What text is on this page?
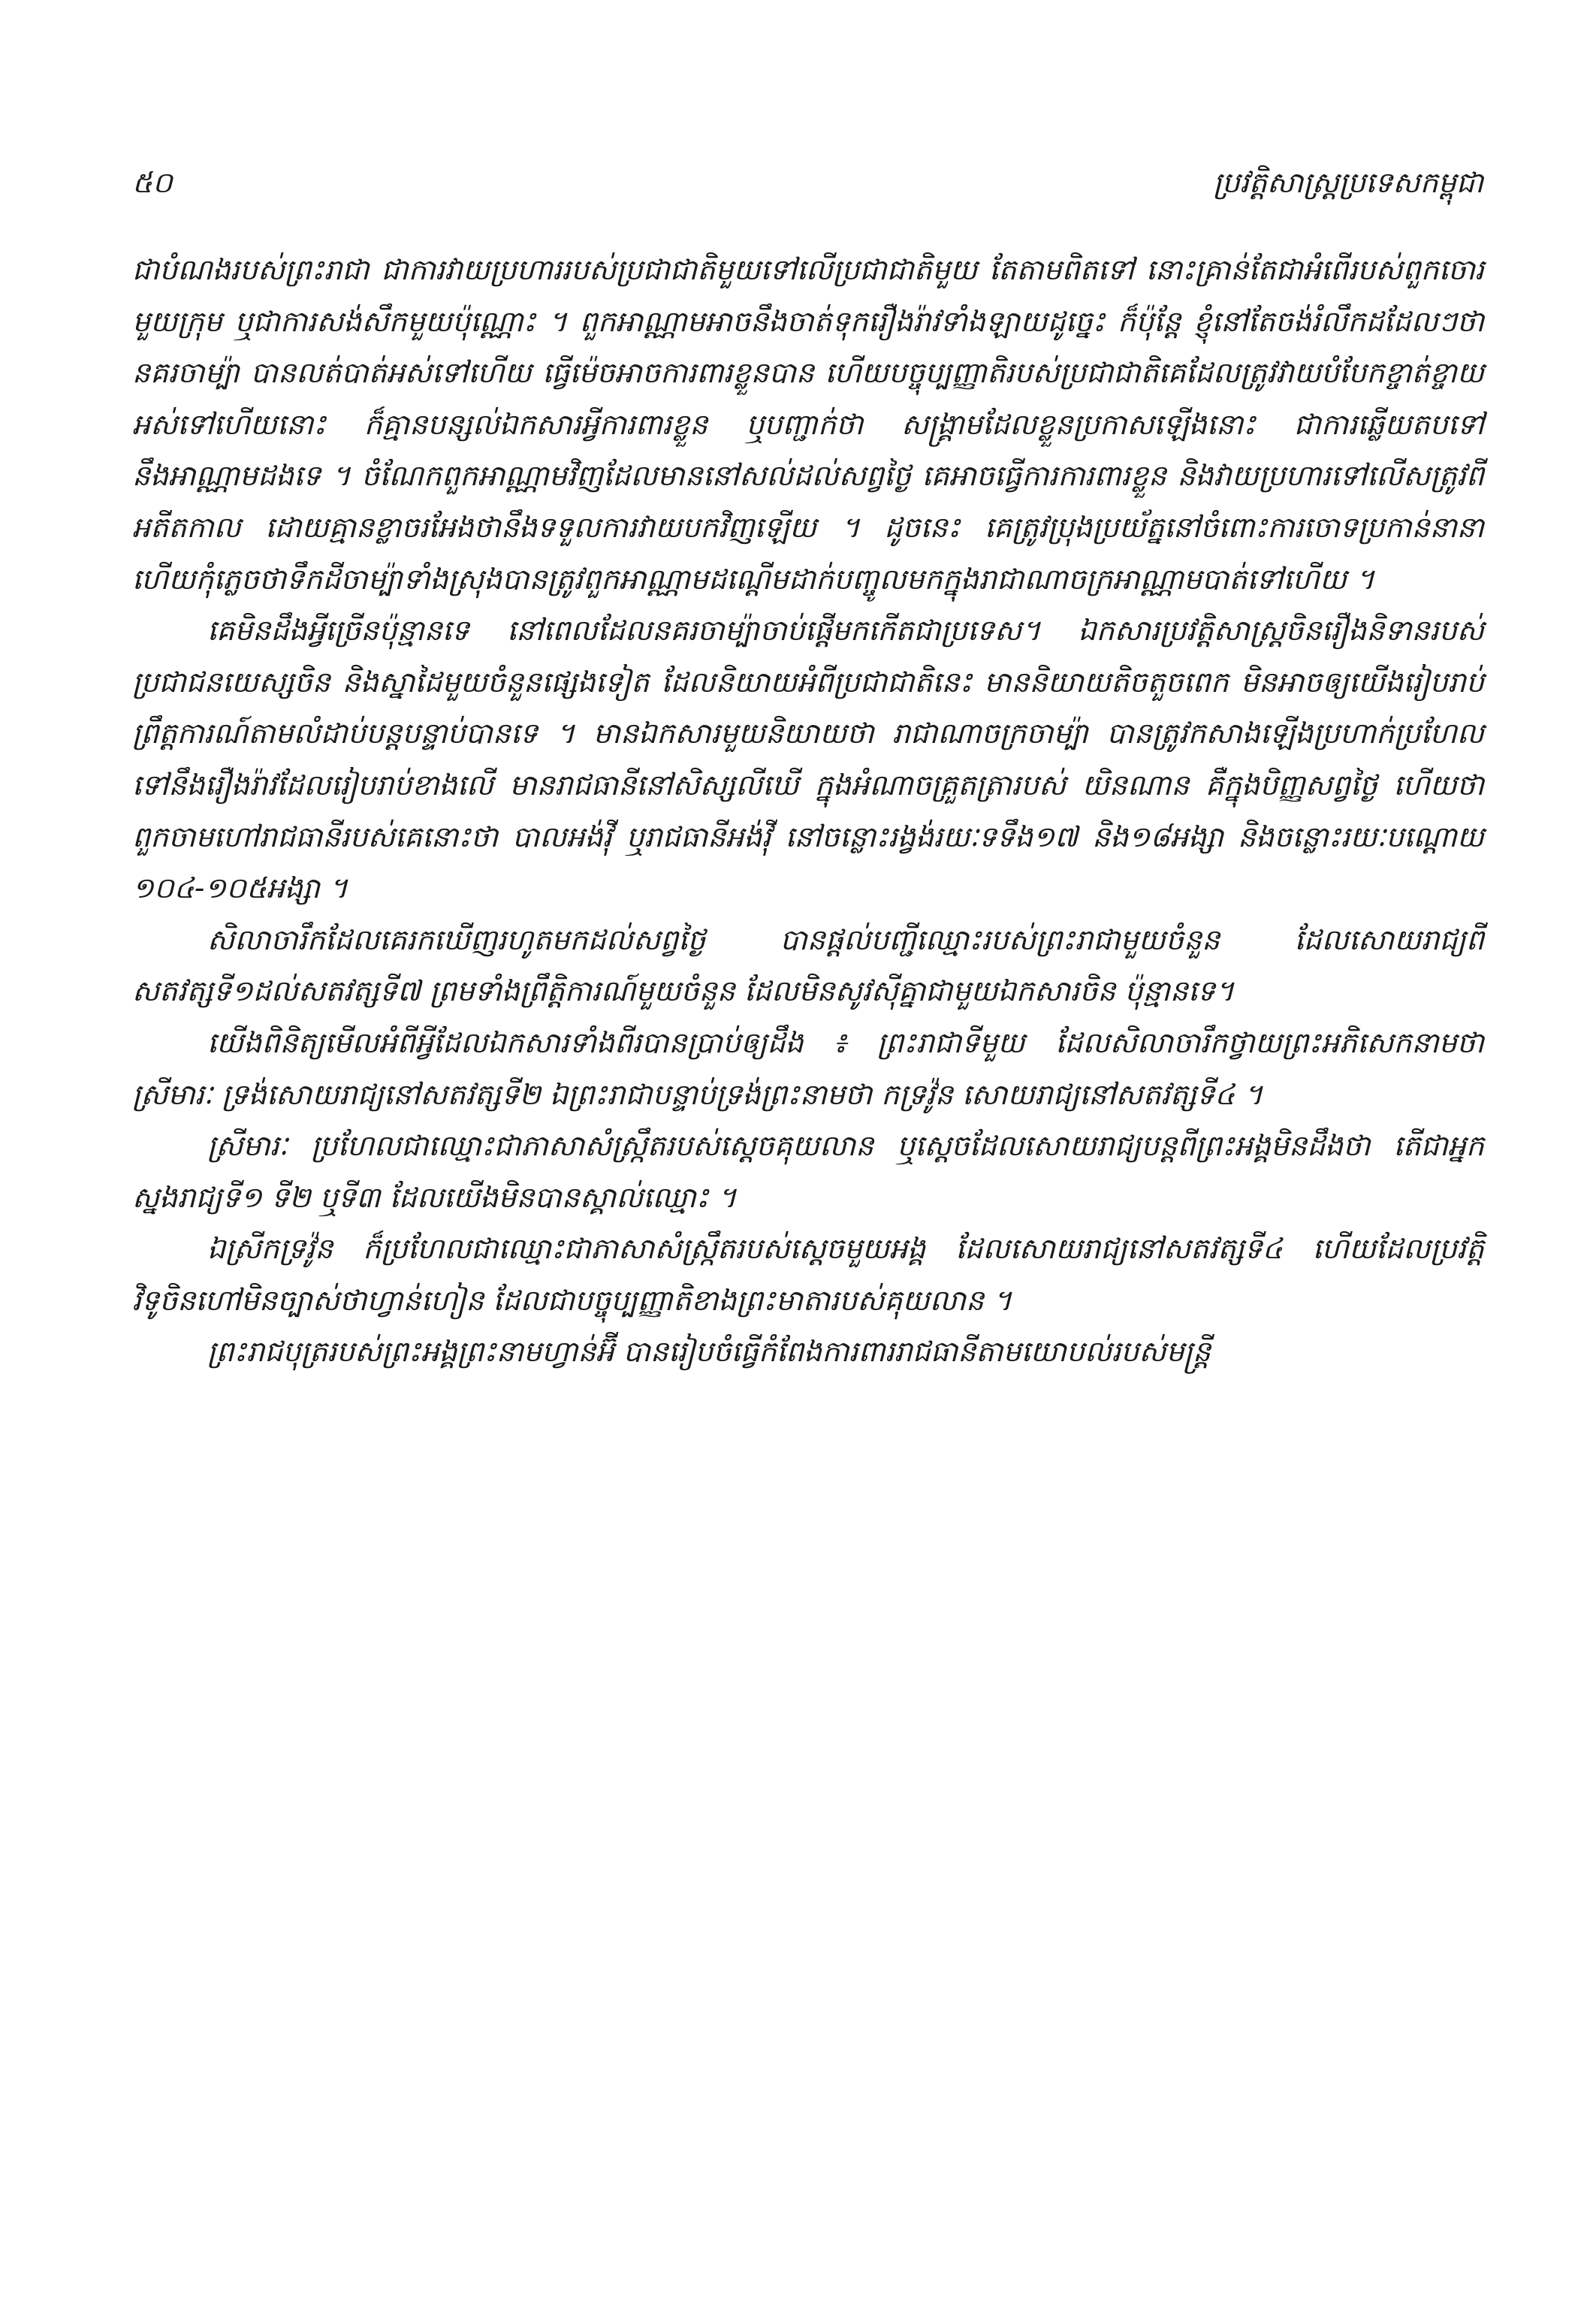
៥០	ប្រវត្តិសាស្ត្រប្រទេសកម្ពុជា

ជាបំណងរបស់ព្រះរាជា ជាការវាយប្រហាររបស់ប្រជាជាតិមួយទៅលើប្រជាជាតិមួយ តែតាមពិតទៅ នោះគ្រាន់តែជាអំពើរបស់ពួកចោរមួយក្រុម ឬជាការសង់សឹកមួយប៉ុណ្ណោះ ។ ពួកអាណ្ណាមអាចនឹងចាត់ទុករឿងរ៉ាវទាំងឡាយដូច្នេះ ក៏ប៉ុន្តែ ខ្ញុំនៅតែចង់រំលឹកដដែលៗថា នគរចាម្ប៉ា បានលត់បាត់អស់ទៅហើយ ធ្វើម៉េចអាចការពារខ្លួនបាន ហើយបច្ចុប្បញ្ញាតិរបស់ប្រជាជាតិគេដែលត្រូវវាយបំបែកខ្ចាត់ខ្ចាយអស់ទៅហើយនោះ ក៏គ្មានបន្សល់ឯកសារអ្វីការពារខ្លួន ឬបញ្ជាក់ថា សង្គ្រាមដែលខ្លួនប្រកាសឡើងនោះ ជាការឆ្លើយតបទៅនឹងអាណ្ណាមដងទេ ។ ចំណែកពួកអាណ្ណាមវិញដែលមាននៅសល់ដល់សព្វថ្ងៃ គេអាចធ្វើការការពារខ្លួន និងវាយប្រហារទៅលើសត្រូវពីអតីតកាល ដោយគ្មានខ្លាចរអែងថានឹងទទួលការវាយបកវិញឡើយ ។ ដូចនេះ គេត្រូវប្រុងប្រយ័ត្ននៅចំពោះការចោទប្រកាន់នានា ហើយកុំភ្លេចថាទឹកដីចាម្ប៉ាទាំងស្រុងបានត្រូវពួកអាណ្ណាមដណ្តើមដាក់បញ្ចូលមកក្នុងរាជាណាចក្រអាណ្ណាមបាត់ទៅហើយ ។

គេមិនដឹងអ្វីច្រើនប៉ុន្មានទេ នៅពេលដែលនគរចាម្ប៉ាចាប់ផ្តើមកកើតជាប្រទេស។ ឯកសារប្រវត្តិសាស្ត្រចិនរឿងនិទានរបស់ប្រជាជនយេស្សចិន និងស្នាដៃមួយចំនួនផ្សេងទៀត ដែលនិយាយអំពីប្រជាជាតិនេះ មាននិយាយតិចតួចពេក មិនអាចឲ្យយើងរៀបរាប់ព្រឹត្តការណ៍តាមលំដាប់បន្តបន្ទាប់បានទេ ។ មានឯកសារមួយនិយាយថា រាជាណាចក្រចាម្ប៉ា បានត្រូវកសាងឡើងប្រហាក់ប្រហែលទៅនឹងរឿងរ៉ាវដែលរៀបរាប់ខាងលើ មានរាជធានីនៅសិស្សលីឃើ ក្នុងអំណាចគ្រួតត្រារបស់ យិនណាន គឺក្នុងបិញ្ញសព្វថ្ងៃ ហើយថាពួកចាមហៅរាជធានីរបស់គេនោះថា បាលអង់វ៉ី ឬរាជធានីអង់វ៉ី នៅចន្លោះរង្វង់រយៈទទឹង១៧ និង១៨អង្សា និងចន្លោះរយៈបណ្តោយ ១០៤-១០៥អង្សា ។

សិលាចារឹកដែលគេរកឃើញរហូតមកដល់សព្វថ្ងៃ បានផ្តល់បញ្ជីឈ្មោះរបស់ព្រះរាជាមួយចំនួន ដែលសោយរាជ្យពីសតវត្សទី១ដល់សតវត្សទី៧ ព្រមទាំងព្រឹត្តិការណ៍មួយចំនួន ដែលមិនសូវស៊ីគ្នាជាមួយឯកសារចិន ប៉ុន្មានទេ។

យើងពិនិត្យមើលអំពីអ្វីដែលឯកសារទាំងពីរបានប្រាប់ឲ្យដឹង ៖ ព្រះរាជាទីមួយ ដែលសិលាចារឹកថ្វាយព្រះអភិសេកនាមថា ស្រីមារៈ ទ្រង់សោយរាជ្យនៅសតវត្សទី២ ឯព្រះរាជាបន្ទាប់ទ្រង់ព្រះនាមថា កទ្រវ៉ូន សោយរាជ្យនៅសតវត្សទី៤ ។

ស្រីមារៈ ប្រហែលជាឈ្មោះជាភាសាសំស្ក្រឹតរបស់ស្តេចគុយលាន ឬស្តេចដែលសោយរាជ្យបន្តពីព្រះអង្គមិនដឹងថា តើជាអ្នកស្នងរាជ្យទី១ ទី២ ឬទី៣ ដែលយើងមិនបានស្គាល់ឈ្មោះ ។

ឯស្រីកទ្រវ៉ូន ក៏ប្រហែលជាឈ្មោះជាភាសាសំស្ក្រឹតរបស់ស្តេចមួយអង្គ ដែលសោយរាជ្យនៅសតវត្សទី៤ ហើយដែលប្រវត្តិវិទូចិនហៅមិនច្បាស់ថាហ្វាន់ហៀន ដែលជាបច្ចុប្បញ្ញាតិខាងព្រះមាតារបស់គុយលាន ។

ព្រះរាជបុត្ររបស់ព្រះអង្គព្រះនាមហ្វាន់អ៊ី បានរៀបចំធ្វើកំពែងការពាររាជធានីតាមយោបល់របស់មន្ត្រី
